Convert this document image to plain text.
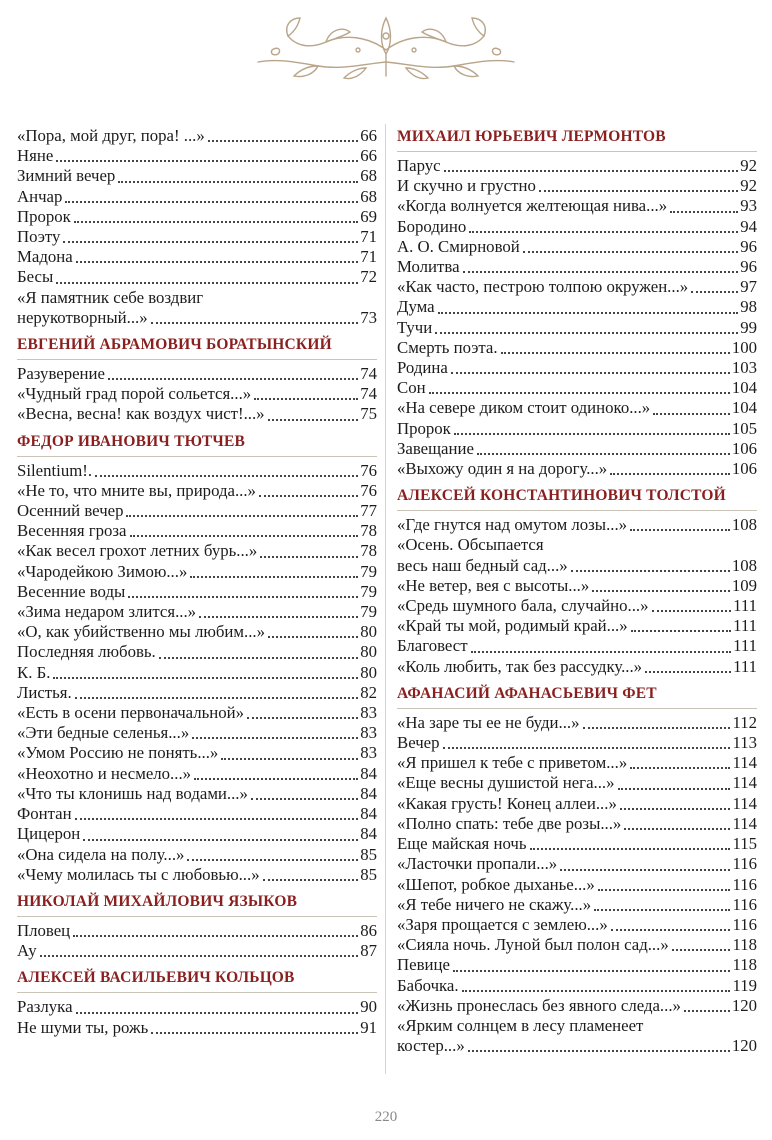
«Пора, мой друг, пора! ...»	66
Няне	66
Зимний вечер	68
Анчар	68
Пророк	69
Поэту	71
Мадона	71
Бесы	72
«Я памятник себе воздвиг
нерукотворный...»	73
ЕВГЕНИЙ АБРАМОВИЧ БОРАТЫНСКИЙ
Разуверение	74
«Чудный град порой сольется...»	74
«Весна, весна! как воздух чист!...»	75
ФЕДОР ИВАНОВИЧ ТЮТЧЕВ
Silentium!.	76
«Не то, что мните вы, природа...»	76
Осенний вечер	77
Весенняя гроза	78
«Как весел грохот летних бурь...»	78
«Чародейкою Зимою...»	79
Весенние воды	79
«Зима недаром злится...»	79
«О, как убийственно мы любим...»	80
Последняя любовь.	80
К. Б.	80
Листья.	82
«Есть в осени первоначальной»	83
«Эти бедные селенья...»	83
«Умом Россию не понять...»	83
«Неохотно и несмело...»	84
«Что ты клонишь над водами...»	84
Фонтан	84
Цицерон	84
«Она сидела на полу...»	85
«Чему молилась ты с любовью...»	85
НИКОЛАЙ МИХАЙЛОВИЧ ЯЗЫКОВ
Пловец	86
Ау	87
АЛЕКСЕЙ ВАСИЛЬЕВИЧ КОЛЬЦОВ
Разлука	90
Не шуми ты, рожь	91
МИХАИЛ ЮРЬЕВИЧ ЛЕРМОНТОВ
Парус	92
И скучно и грустно	92
«Когда волнуется желтеющая нива...»	93
Бородино	94
А. О. Смирновой	96
Молитва	96
«Как часто, пестрою толпою окружен...»	97
Дума	98
Тучи	99
Смерть поэта.	100
Родина	103
Сон	104
«На севере диком стоит одиноко...»	104
Пророк	105
Завещание	106
«Выхожу один я на дорогу...»	106
АЛЕКСЕЙ КОНСТАНТИНОВИЧ ТОЛСТОЙ
«Где гнутся над омутом лозы...»	108
«Осень. Обсыпается
весь наш бедный сад...»	108
«Не ветер, вея с высоты...»	109
«Средь шумного бала, случайно...»	111
«Край ты мой, родимый край...»	111
Благовест	111
«Коль любить, так без рассудку...»	111
АФАНАСИЙ АФАНАСЬЕВИЧ ФЕТ
«На заре ты ее не буди...»	112
Вечер	113
«Я пришел к тебе с приветом...»	114
«Еще весны душистой нега...»	114
«Какая грусть! Конец аллеи...»	114
«Полно спать: тебе две розы...»	114
Еще майская ночь	115
«Ласточки пропали...»	116
«Шепот, робкое дыханье...»	116
«Я тебе ничего не скажу...»	116
«Заря прощается с землею...»	116
«Сияла ночь. Луной был полон сад...»	118
Певице	118
Бабочка.	119
«Жизнь пронеслась без явного следа...»	120
«Ярким солнцем в лесу пламенеет
костер...»	120
220
